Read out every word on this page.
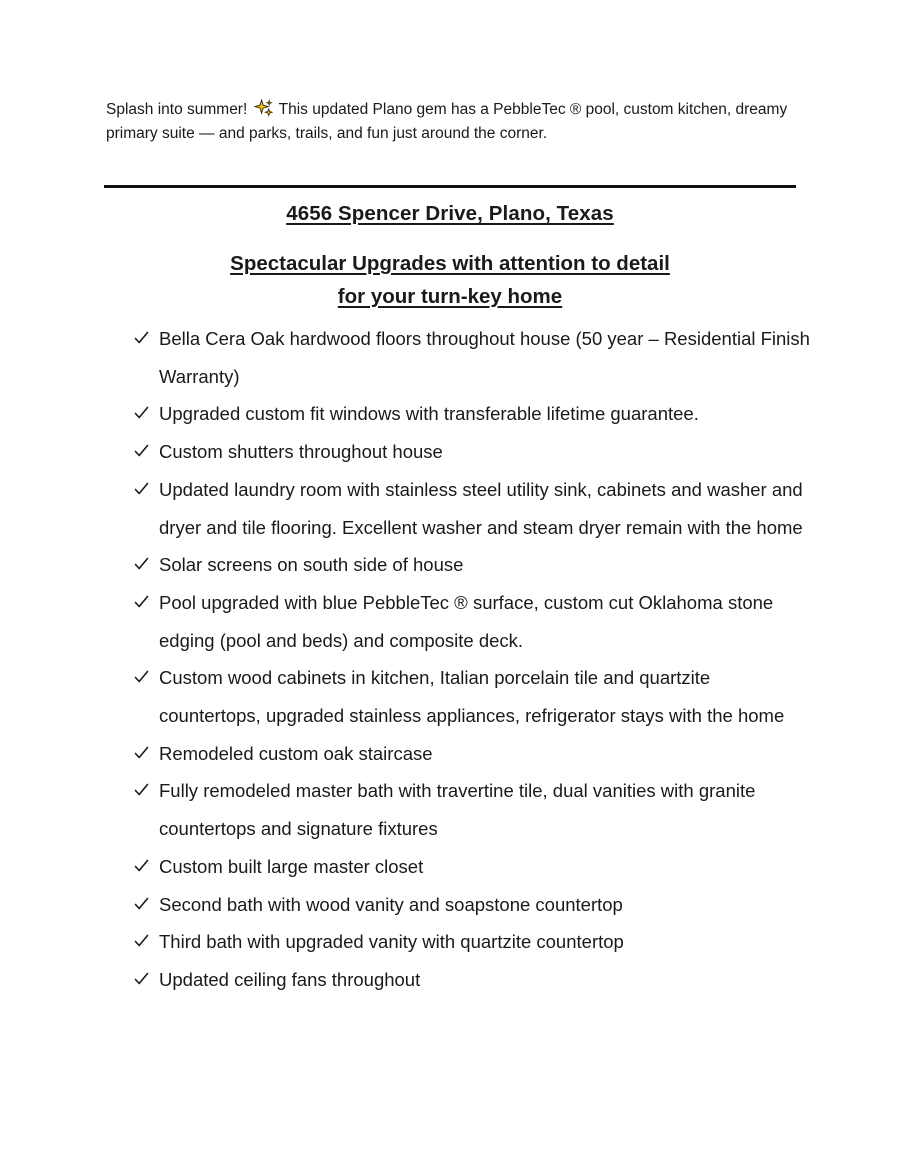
Splash into summer! This updated Plano gem has a PebbleTec ® pool, custom kitchen, dreamy primary suite — and parks, trails, and fun just around the corner.

4656 Spencer Drive, Plano, Texas
Spectacular Upgrades with attention to detail
for your turn-key home
Bella Cera Oak hardwood floors throughout house (50 year – Residential Finish Warranty)
Upgraded custom fit windows with transferable lifetime guarantee.
Custom shutters throughout house
Updated laundry room with stainless steel utility sink, cabinets and washer and dryer and tile flooring. Excellent washer and steam dryer remain with the home
Solar screens on south side of house
Pool upgraded with blue PebbleTec ® surface, custom cut Oklahoma stone edging (pool and beds) and composite deck.
Custom wood cabinets in kitchen, Italian porcelain tile and quartzite countertops, upgraded stainless appliances, refrigerator stays with the home
Remodeled custom oak staircase
Fully remodeled master bath with travertine tile, dual vanities with granite countertops and signature fixtures
Custom built large master closet
Second bath with wood vanity and soapstone countertop
Third bath with upgraded vanity with quartzite countertop
Updated ceiling fans throughout
